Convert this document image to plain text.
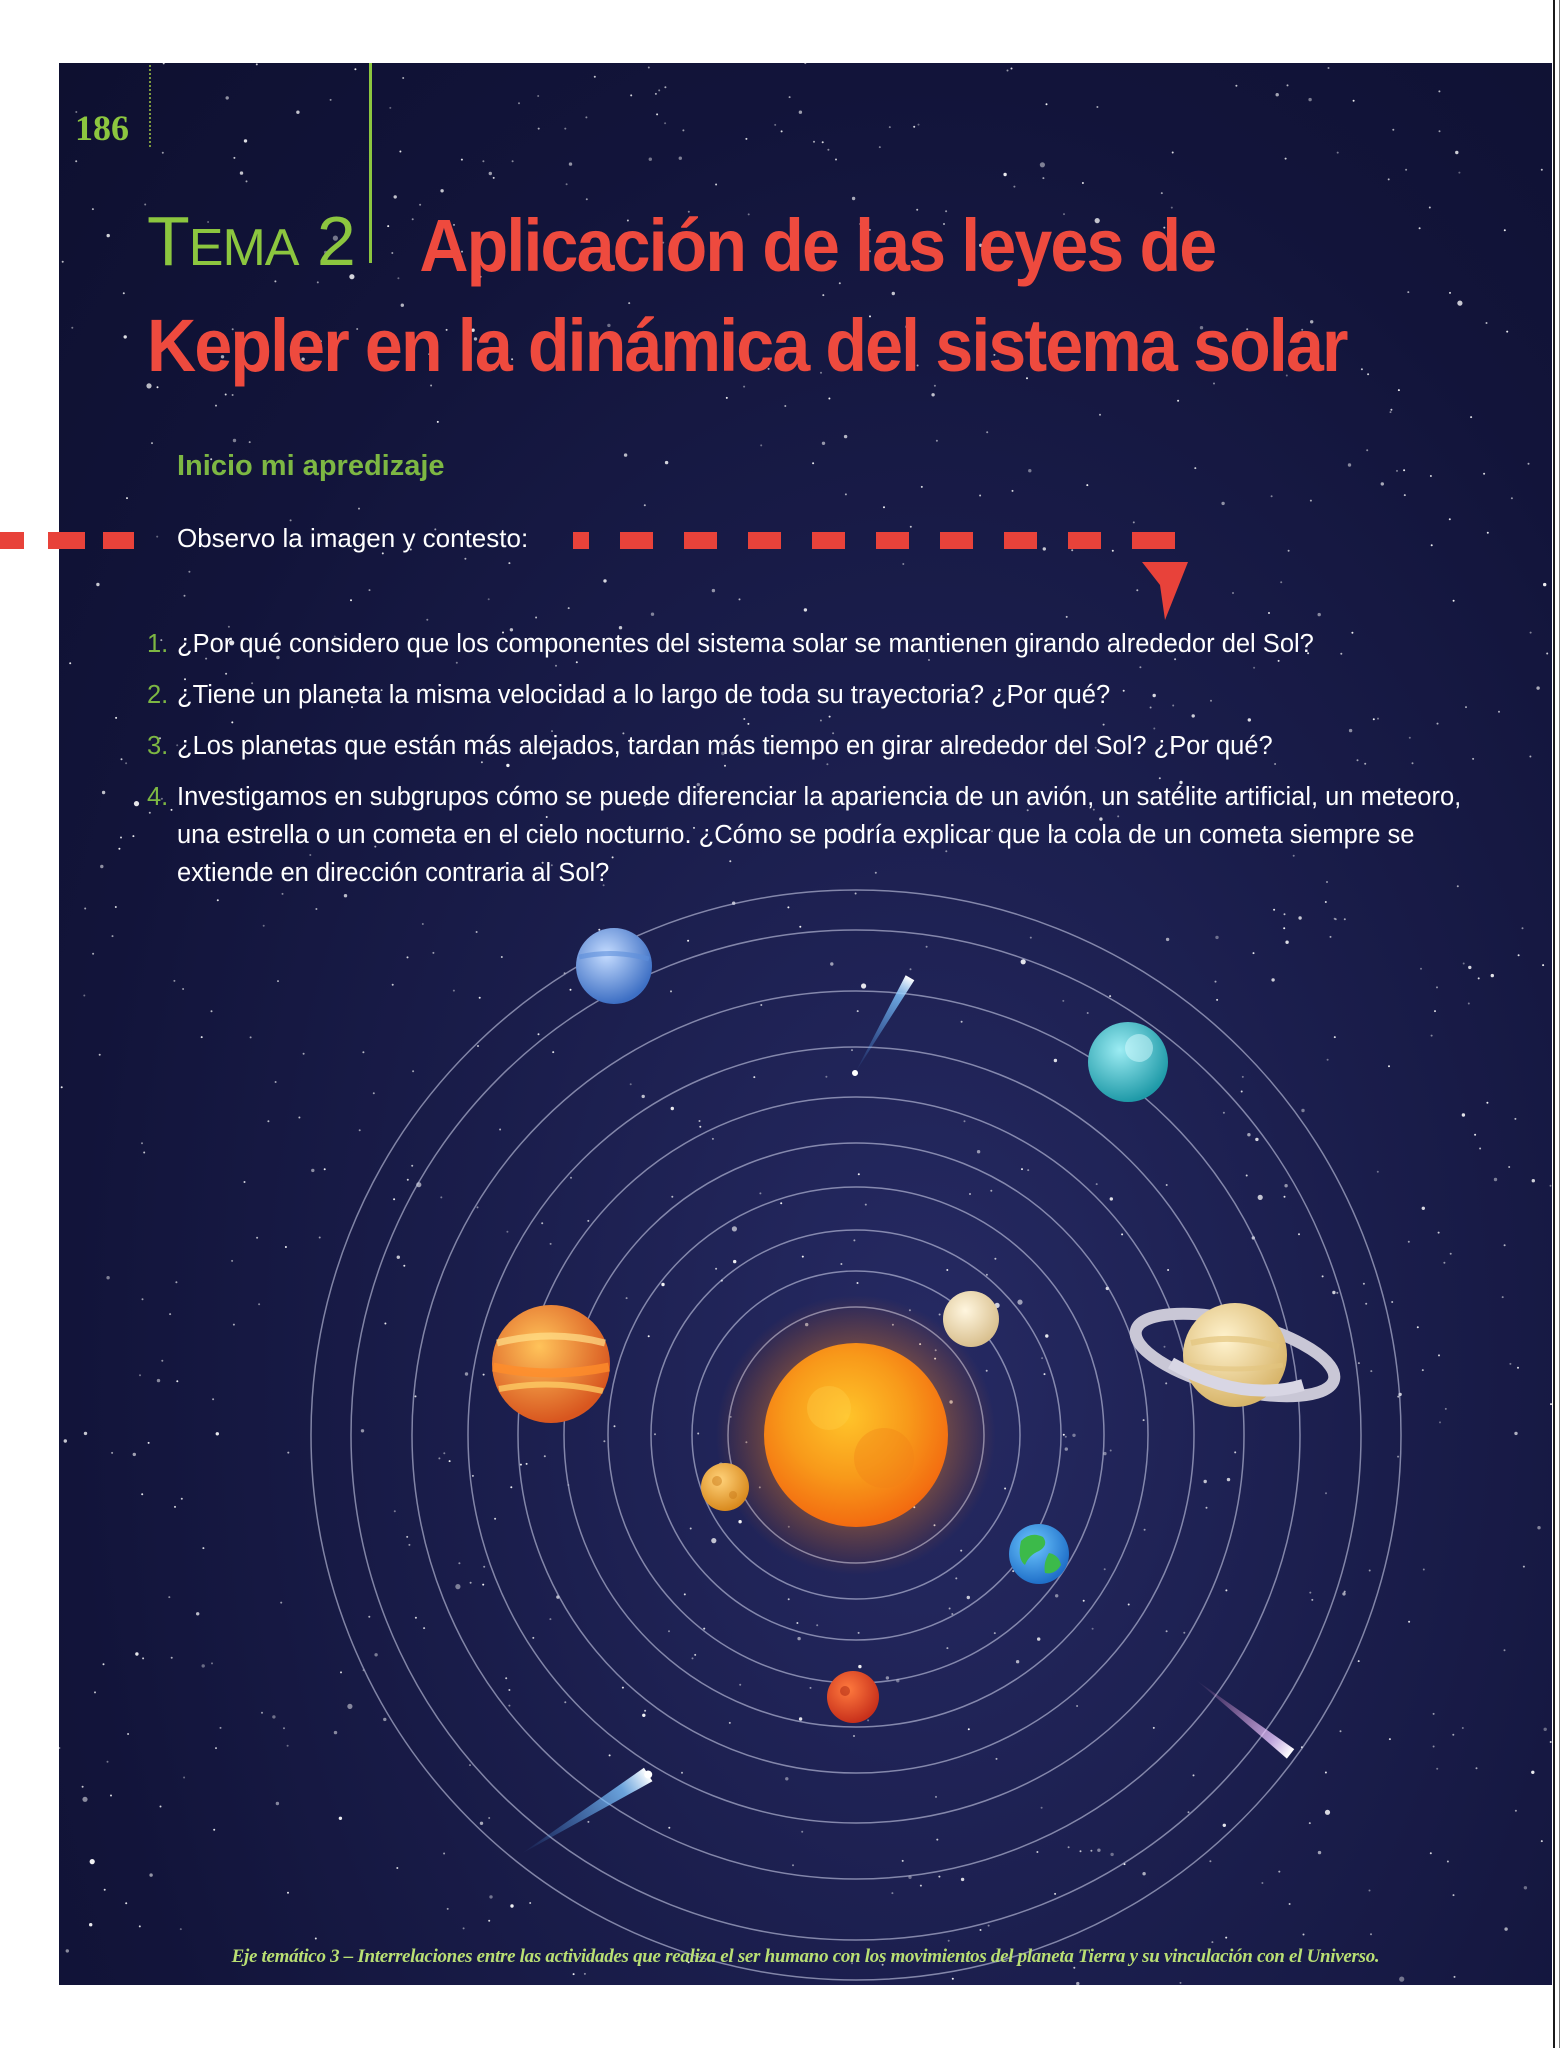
186
TEMA 2 Aplicación de las leyes de
Kepler en la dinámica del sistema solar
Inicio mi apredizaje
Observo la imagen y contesto:
1. ¿Por qué considero que los componentes del sistema solar se mantienen girando alrededor del Sol?
2. ¿Tiene un planeta la misma velocidad a lo largo de toda su trayectoria? ¿Por qué?
3. ¿Los planetas que están más alejados, tardan más tiempo en girar alrededor del Sol? ¿Por qué?
4. Investigamos en subgrupos cómo se puede diferenciar la apariencia de un avión, un satélite artificial, un meteoro, una estrella o un cometa en el cielo nocturno. ¿Cómo se podría explicar que la cola de un cometa siempre se extiende en dirección contraria al Sol?
Eje temático 3 – Interrelaciones entre las actividades que realiza el ser humano con los movimientos del planeta Tierra y su vinculación con el Universo.
